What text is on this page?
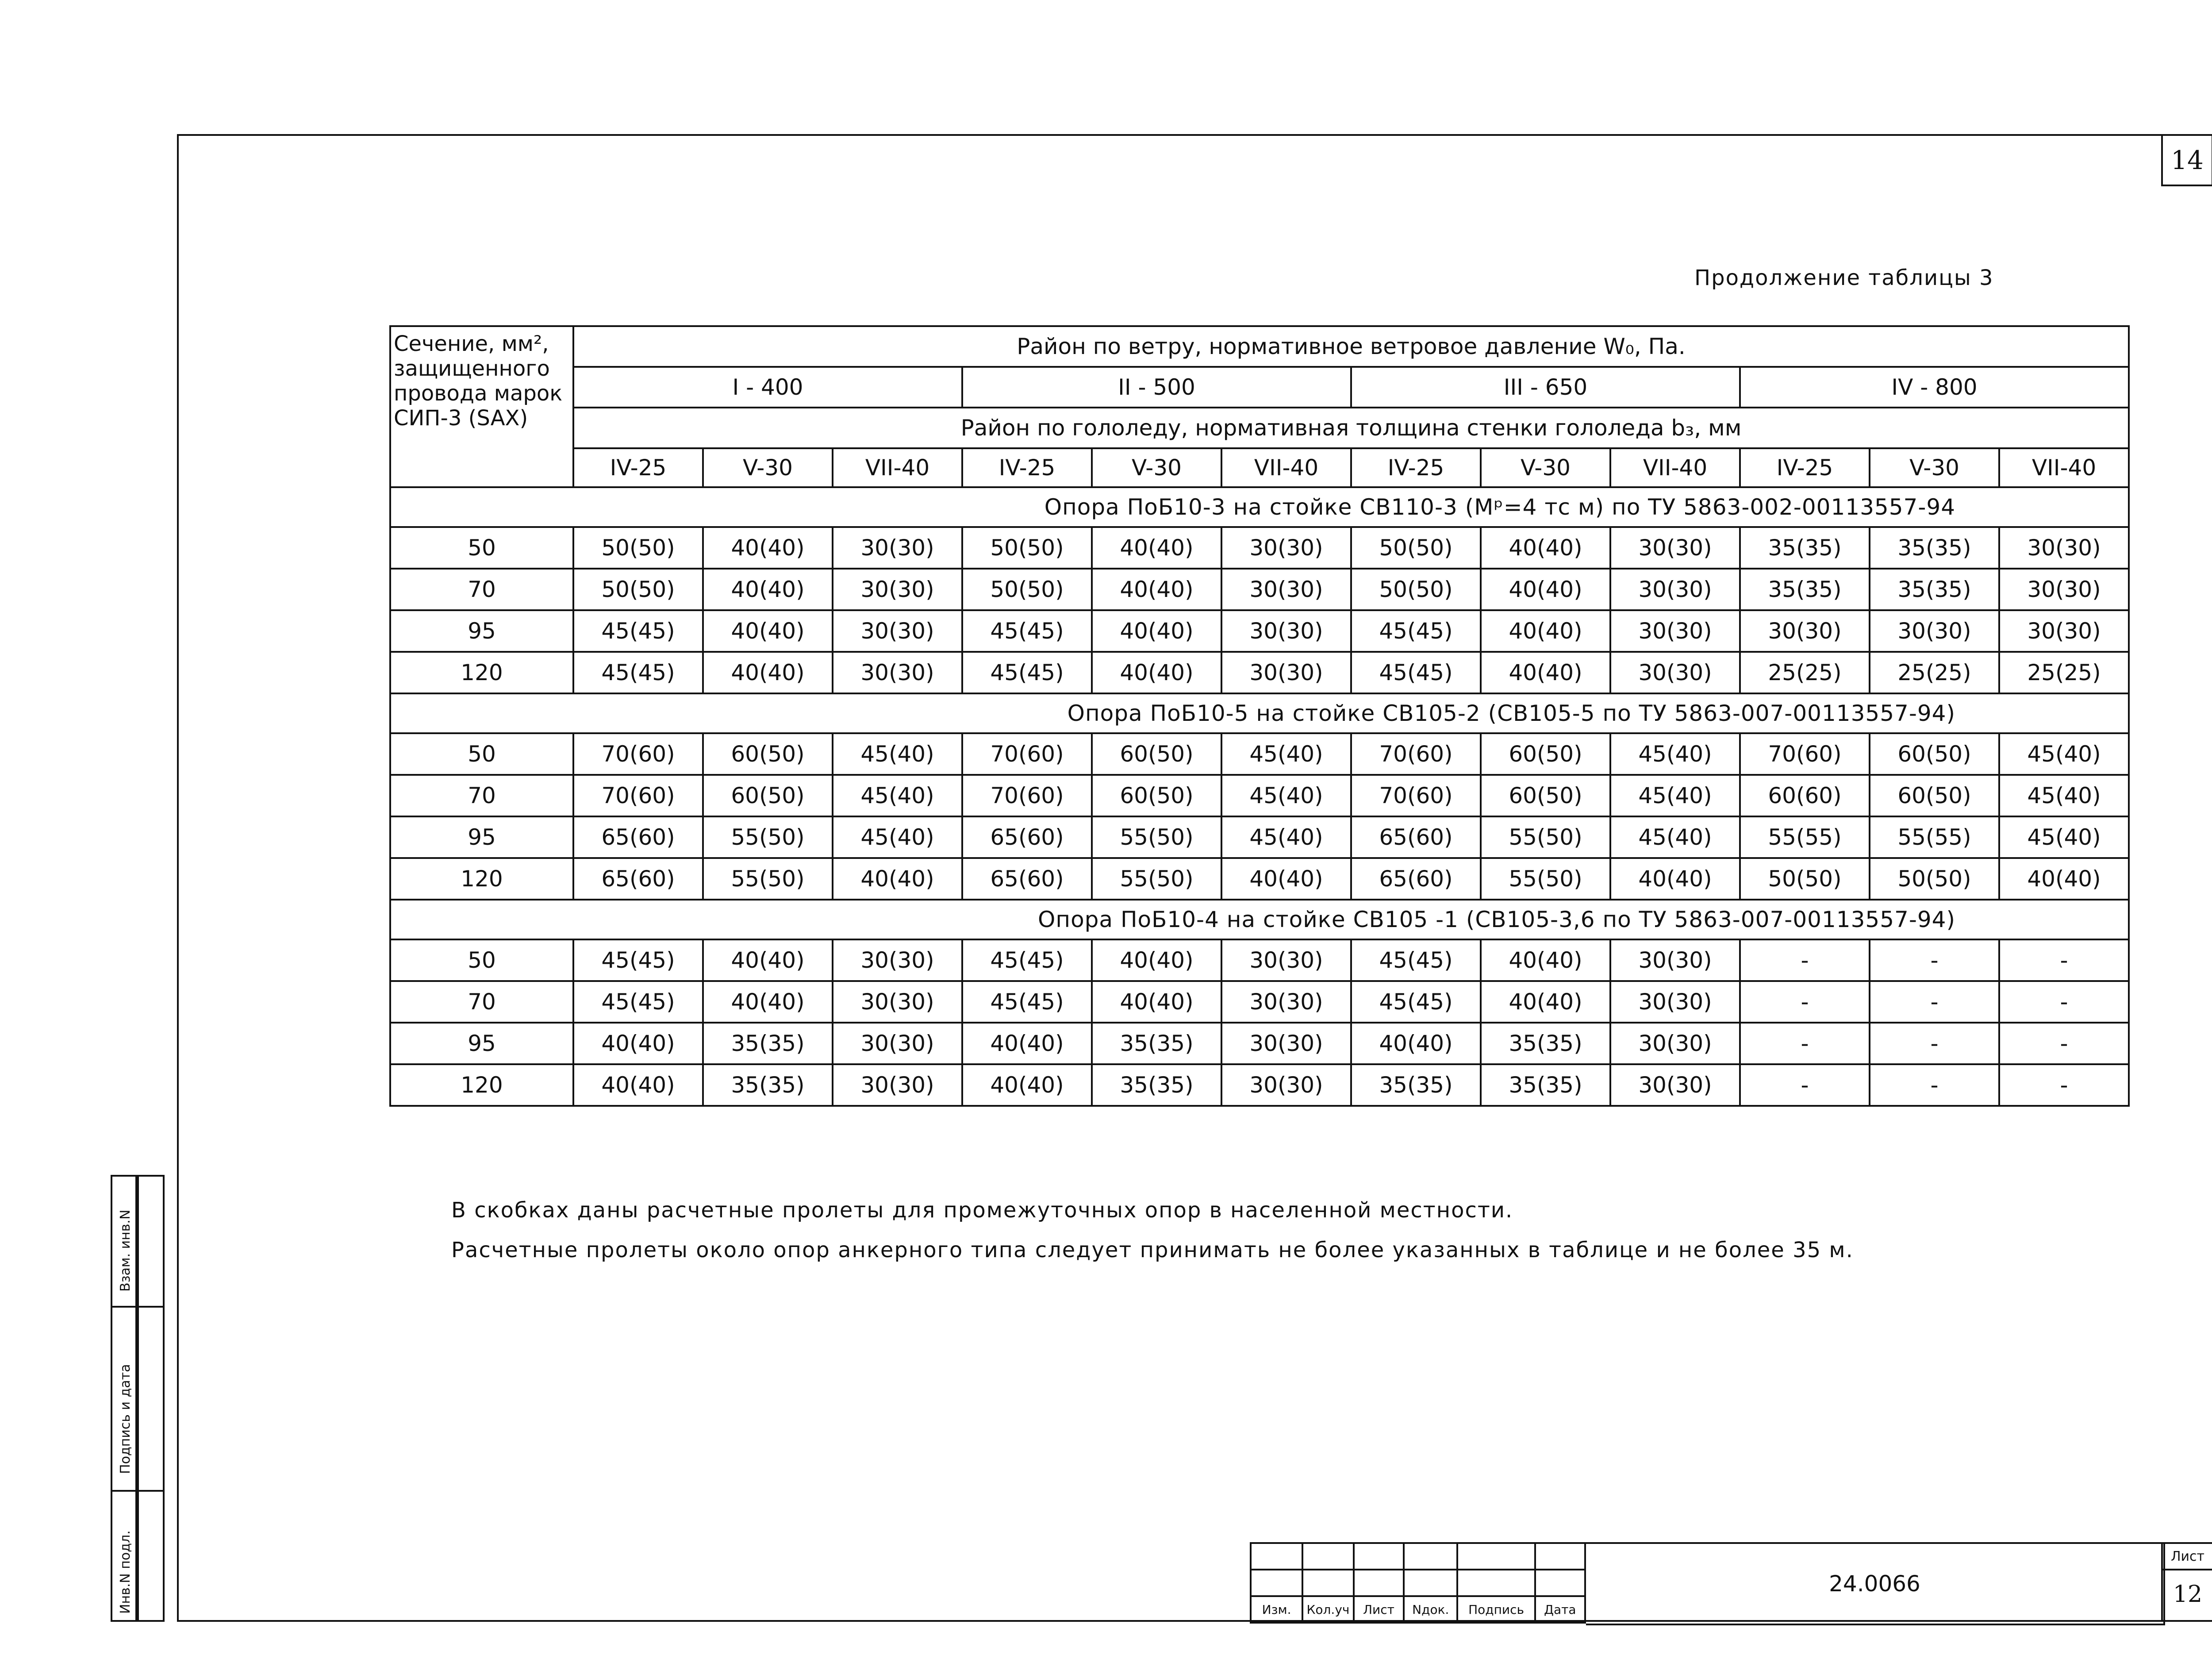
14
Продолжение таблицы 3
Сечение, мм², защищенного провода марок СИП-3 (SAX)	Район по ветру, нормативное ветровое давление W₀, Па.											
	I - 400			II - 500			III - 650			IV - 800		
	Район по гололеду, нормативная толщина стенки гололеда b₃, мм											
	IV-25	V-30	VII-40	IV-25	V-30	VII-40	IV-25	V-30	VII-40	IV-25	V-30	VII-40
Опора ПоБ10-3 на стойке СВ110-3 (Мᵖ=4 тс м) по ТУ 5863-002-00113557-94												
50	50(50)	40(40)	30(30)	50(50)	40(40)	30(30)	50(50)	40(40)	30(30)	35(35)	35(35)	30(30)
70	50(50)	40(40)	30(30)	50(50)	40(40)	30(30)	50(50)	40(40)	30(30)	35(35)	35(35)	30(30)
95	45(45)	40(40)	30(30)	45(45)	40(40)	30(30)	45(45)	40(40)	30(30)	30(30)	30(30)	30(30)
120	45(45)	40(40)	30(30)	45(45)	40(40)	30(30)	45(45)	40(40)	30(30)	25(25)	25(25)	25(25)
Опора ПоБ10-5 на стойке СВ105-2 (СВ105-5 по ТУ 5863-007-00113557-94)												
50	70(60)	60(50)	45(40)	70(60)	60(50)	45(40)	70(60)	60(50)	45(40)	70(60)	60(50)	45(40)
70	70(60)	60(50)	45(40)	70(60)	60(50)	45(40)	70(60)	60(50)	45(40)	60(60)	60(50)	45(40)
95	65(60)	55(50)	45(40)	65(60)	55(50)	45(40)	65(60)	55(50)	45(40)	55(55)	55(55)	45(40)
120	65(60)	55(50)	40(40)	65(60)	55(50)	40(40)	65(60)	55(50)	40(40)	50(50)	50(50)	40(40)
Опора ПоБ10-4 на стойке СВ105 -1 (СВ105-3,6 по ТУ 5863-007-00113557-94)												
50	45(45)	40(40)	30(30)	45(45)	40(40)	30(30)	45(45)	40(40)	30(30)	-	-	-
70	45(45)	40(40)	30(30)	45(45)	40(40)	30(30)	45(45)	40(40)	30(30)	-	-	-
95	40(40)	35(35)	30(30)	40(40)	35(35)	30(30)	40(40)	35(35)	30(30)	-	-	-
120	40(40)	35(35)	30(30)	40(40)	35(35)	30(30)	35(35)	35(35)	30(30)	-	-	-
В скобках даны расчетные пролеты для промежуточных опор в населенной местности.
Расчетные пролеты около опор анкерного типа следует принимать не более указанных в таблице и не более 35 м.
Взам. инв.N
Подпись и дата
Инв.N подл.

						Изм.	Кол.уч	Лист	Nдок.	Подпись	Дата
24.0066
Лист
12
